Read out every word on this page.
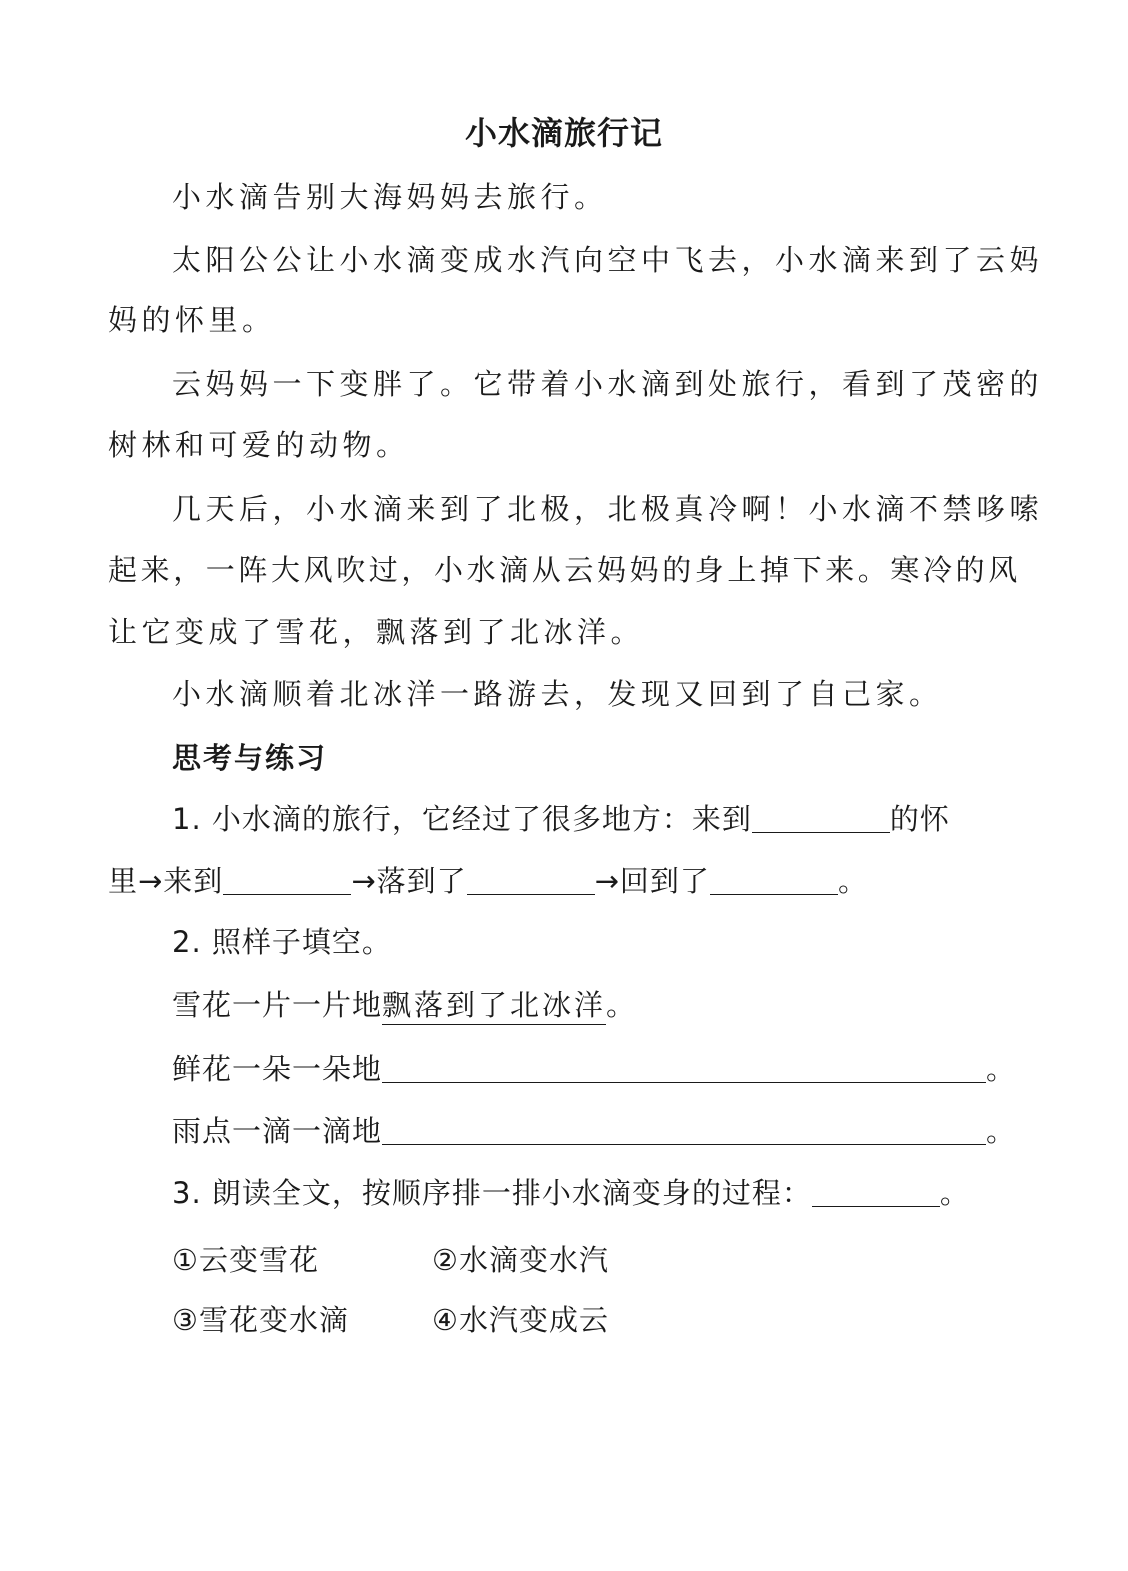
小水滴旅行记
小水滴告别大海妈妈去旅行。
太阳公公让小水滴变成水汽向空中飞去，小水滴来到了云妈
妈的怀里。
云妈妈一下变胖了。它带着小水滴到处旅行，看到了茂密的
树林和可爱的动物。
几天后，小水滴来到了北极，北极真冷啊！小水滴不禁哆嗦
起来，一阵大风吹过，小水滴从云妈妈的身上掉下来。寒冷的风
让它变成了雪花，飘落到了北冰洋。
小水滴顺着北冰洋一路游去，发现又回到了自己家。
思考与练习
1. 小水滴的旅行，它经过了很多地方：来到	的怀
里→来到	→落到了	→回到了	。
2. 照样子填空。
雪花一片一片地飘落到了北冰洋。
鲜花一朵一朵地	。
雨点一滴一滴地	。
3. 朗读全文，按顺序排一排小水滴变身的过程：	。
①云变雪花	②水滴变水汽
③雪花变水滴	④水汽变成云
